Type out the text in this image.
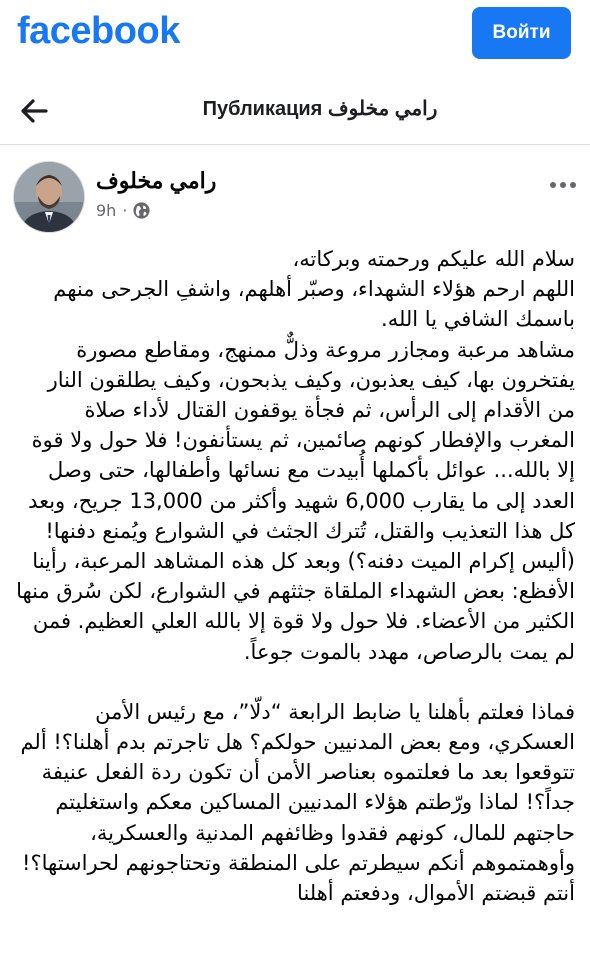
facebook	Войти
Публикация رامي مخلوف
رامي مخلوف
9h ·

سلام الله عليكم ورحمته وبركاته،

اللهم ارحم هؤلاء الشهداء، وصبّر أهلهم، واشفِ الجرحى منهم باسمك الشافي يا الله.

مشاهد مرعبة ومجازر مروعة وذلٌّ ممنهج، ومقاطع مصورة يفتخرون بها، كيف يعذبون، وكيف يذبحون، وكيف يطلقون النار من الأقدام إلى الرأس، ثم فجأة يوقفون القتال لأداء صلاة المغرب والإفطار كونهم صائمين، ثم يستأنفون! فلا حول ولا قوة إلا بالله... عوائل بأكملها أُبيدت مع نسائها وأطفالها، حتى وصل العدد إلى ما يقارب 6,000 شهيد وأكثر من 13,000 جريح، وبعد كل هذا التعذيب والقتل، تُترك الجثث في الشوارع ويُمنع دفنها! (أليس إكرام الميت دفنه؟) وبعد كل هذه المشاهد المرعبة، رأينا الأفظع: بعض الشهداء الملقاة جثثهم في الشوارع، لكن سُرق منها الكثير من الأعضاء. فلا حول ولا قوة إلا بالله العلي العظيم. فمن لم يمت بالرصاص، مهدد بالموت جوعاً.

فماذا فعلتم بأهلنا يا ضابط الرابعة “دلّا”، مع رئيس الأمن العسكري، ومع بعض المدنيين حولكم؟ هل تاجرتم بدم أهلنا؟! ألم تتوقعوا بعد ما فعلتموه بعناصر الأمن أن تكون ردة الفعل عنيفة جداً؟! لماذا ورّطتم هؤلاء المدنيين المساكين معكم واستغليتم حاجتهم للمال، كونهم فقدوا وظائفهم المدنية والعسكرية، وأوهمتموهم أنكم سيطرتم على المنطقة وتحتاجونهم لحراستها؟! أنتم قبضتم الأموال، ودفعتم أهلنا
